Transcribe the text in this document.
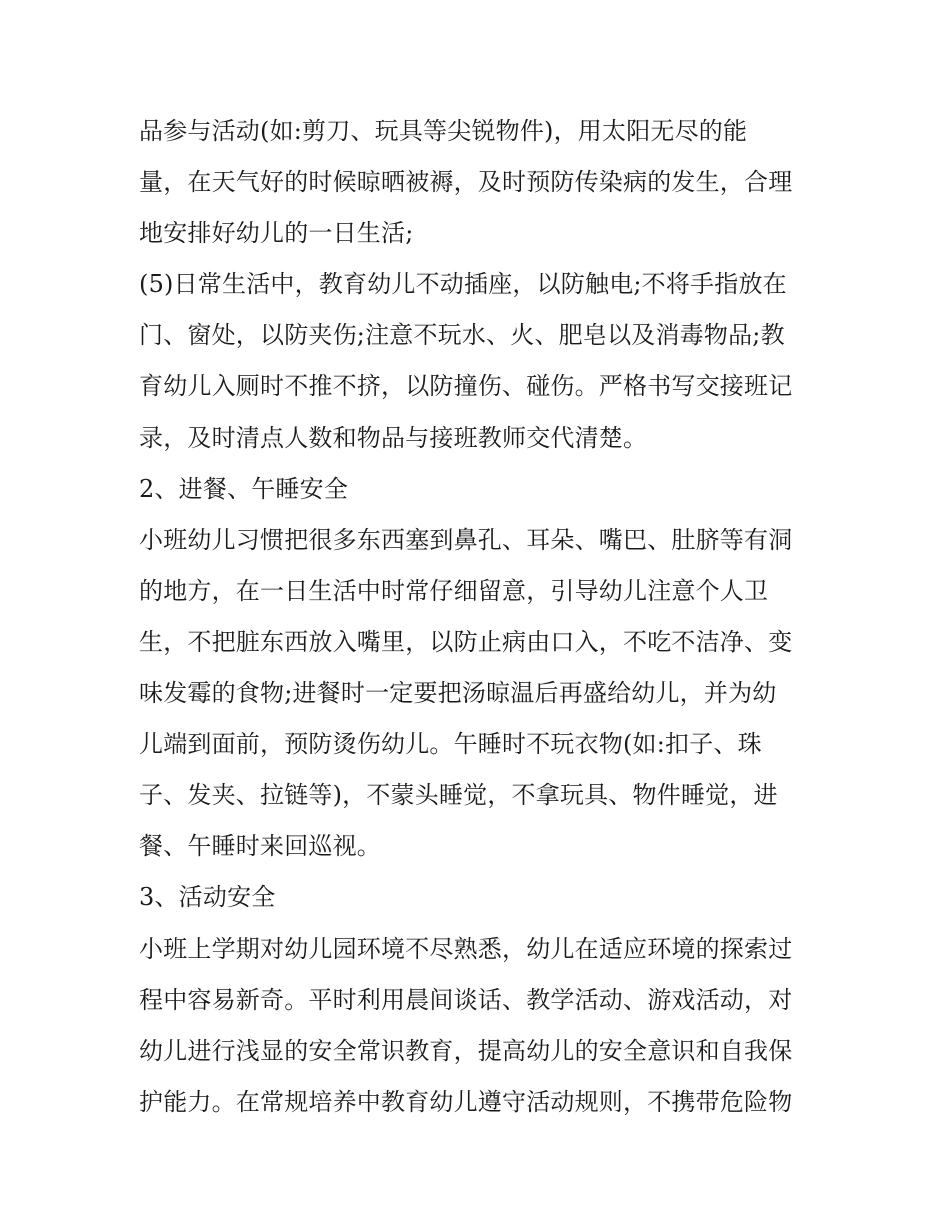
品参与活动(如:剪刀、玩具等尖锐物件)，用太阳无尽的能
量，在天气好的时候晾晒被褥，及时预防传染病的发生，合理
地安排好幼儿的一日生活;
(5)日常生活中，教育幼儿不动插座，以防触电;不将手指放在
门、窗处，以防夹伤;注意不玩水、火、肥皂以及消毒物品;教
育幼儿入厕时不推不挤，以防撞伤、碰伤。严格书写交接班记
录，及时清点人数和物品与接班教师交代清楚。
2、进餐、午睡安全
小班幼儿习惯把很多东西塞到鼻孔、耳朵、嘴巴、肚脐等有洞
的地方，在一日生活中时常仔细留意，引导幼儿注意个人卫
生，不把脏东西放入嘴里，以防止病由口入，不吃不洁净、变
味发霉的食物;进餐时一定要把汤晾温后再盛给幼儿，并为幼
儿端到面前，预防烫伤幼儿。午睡时不玩衣物(如:扣子、珠
子、发夹、拉链等)，不蒙头睡觉，不拿玩具、物件睡觉，进
餐、午睡时来回巡视。
3、活动安全
小班上学期对幼儿园环境不尽熟悉，幼儿在适应环境的探索过
程中容易新奇。平时利用晨间谈话、教学活动、游戏活动，对
幼儿进行浅显的安全常识教育，提高幼儿的安全意识和自我保
护能力。在常规培养中教育幼儿遵守活动规则，不携带危险物
